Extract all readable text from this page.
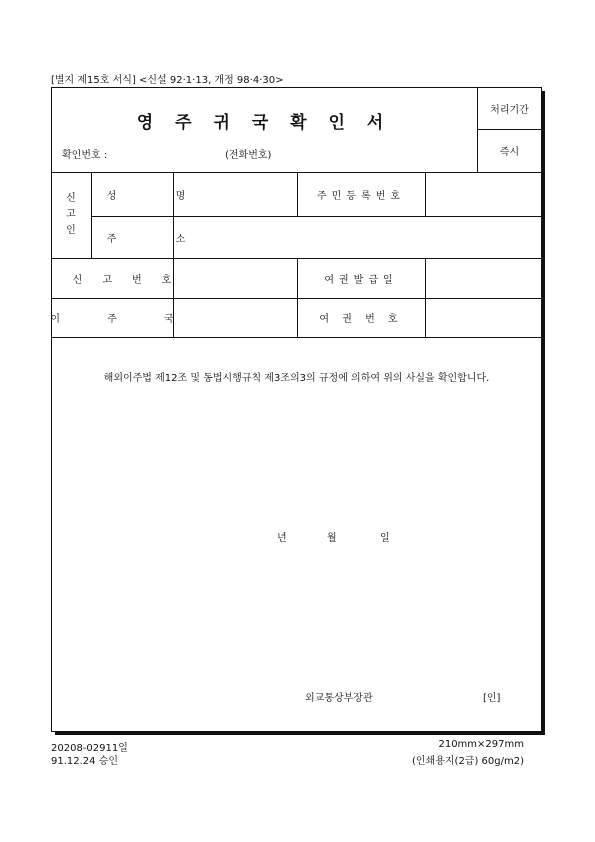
[별지 제15호 서식] <신설 92·1·13, 개정 98·4·30>
영 주 귀 국 확 인 서
처리기간
즉시
확인번호 :	(전화번호)
신
고
인
성 명	주민등록번호
주 소
신고번호	여권발급일
이 주 국	여 권 번 호
해외이주법 제12조 및 동법시행규칙 제3조의3의 규정에 의하여 위의 사실을 확인합니다.
년	월	일
외교통상부장관	[인]
20208-02911일
91.12.24 승인
210mm×297mm
(인쇄용지(2급) 60g/m2)
